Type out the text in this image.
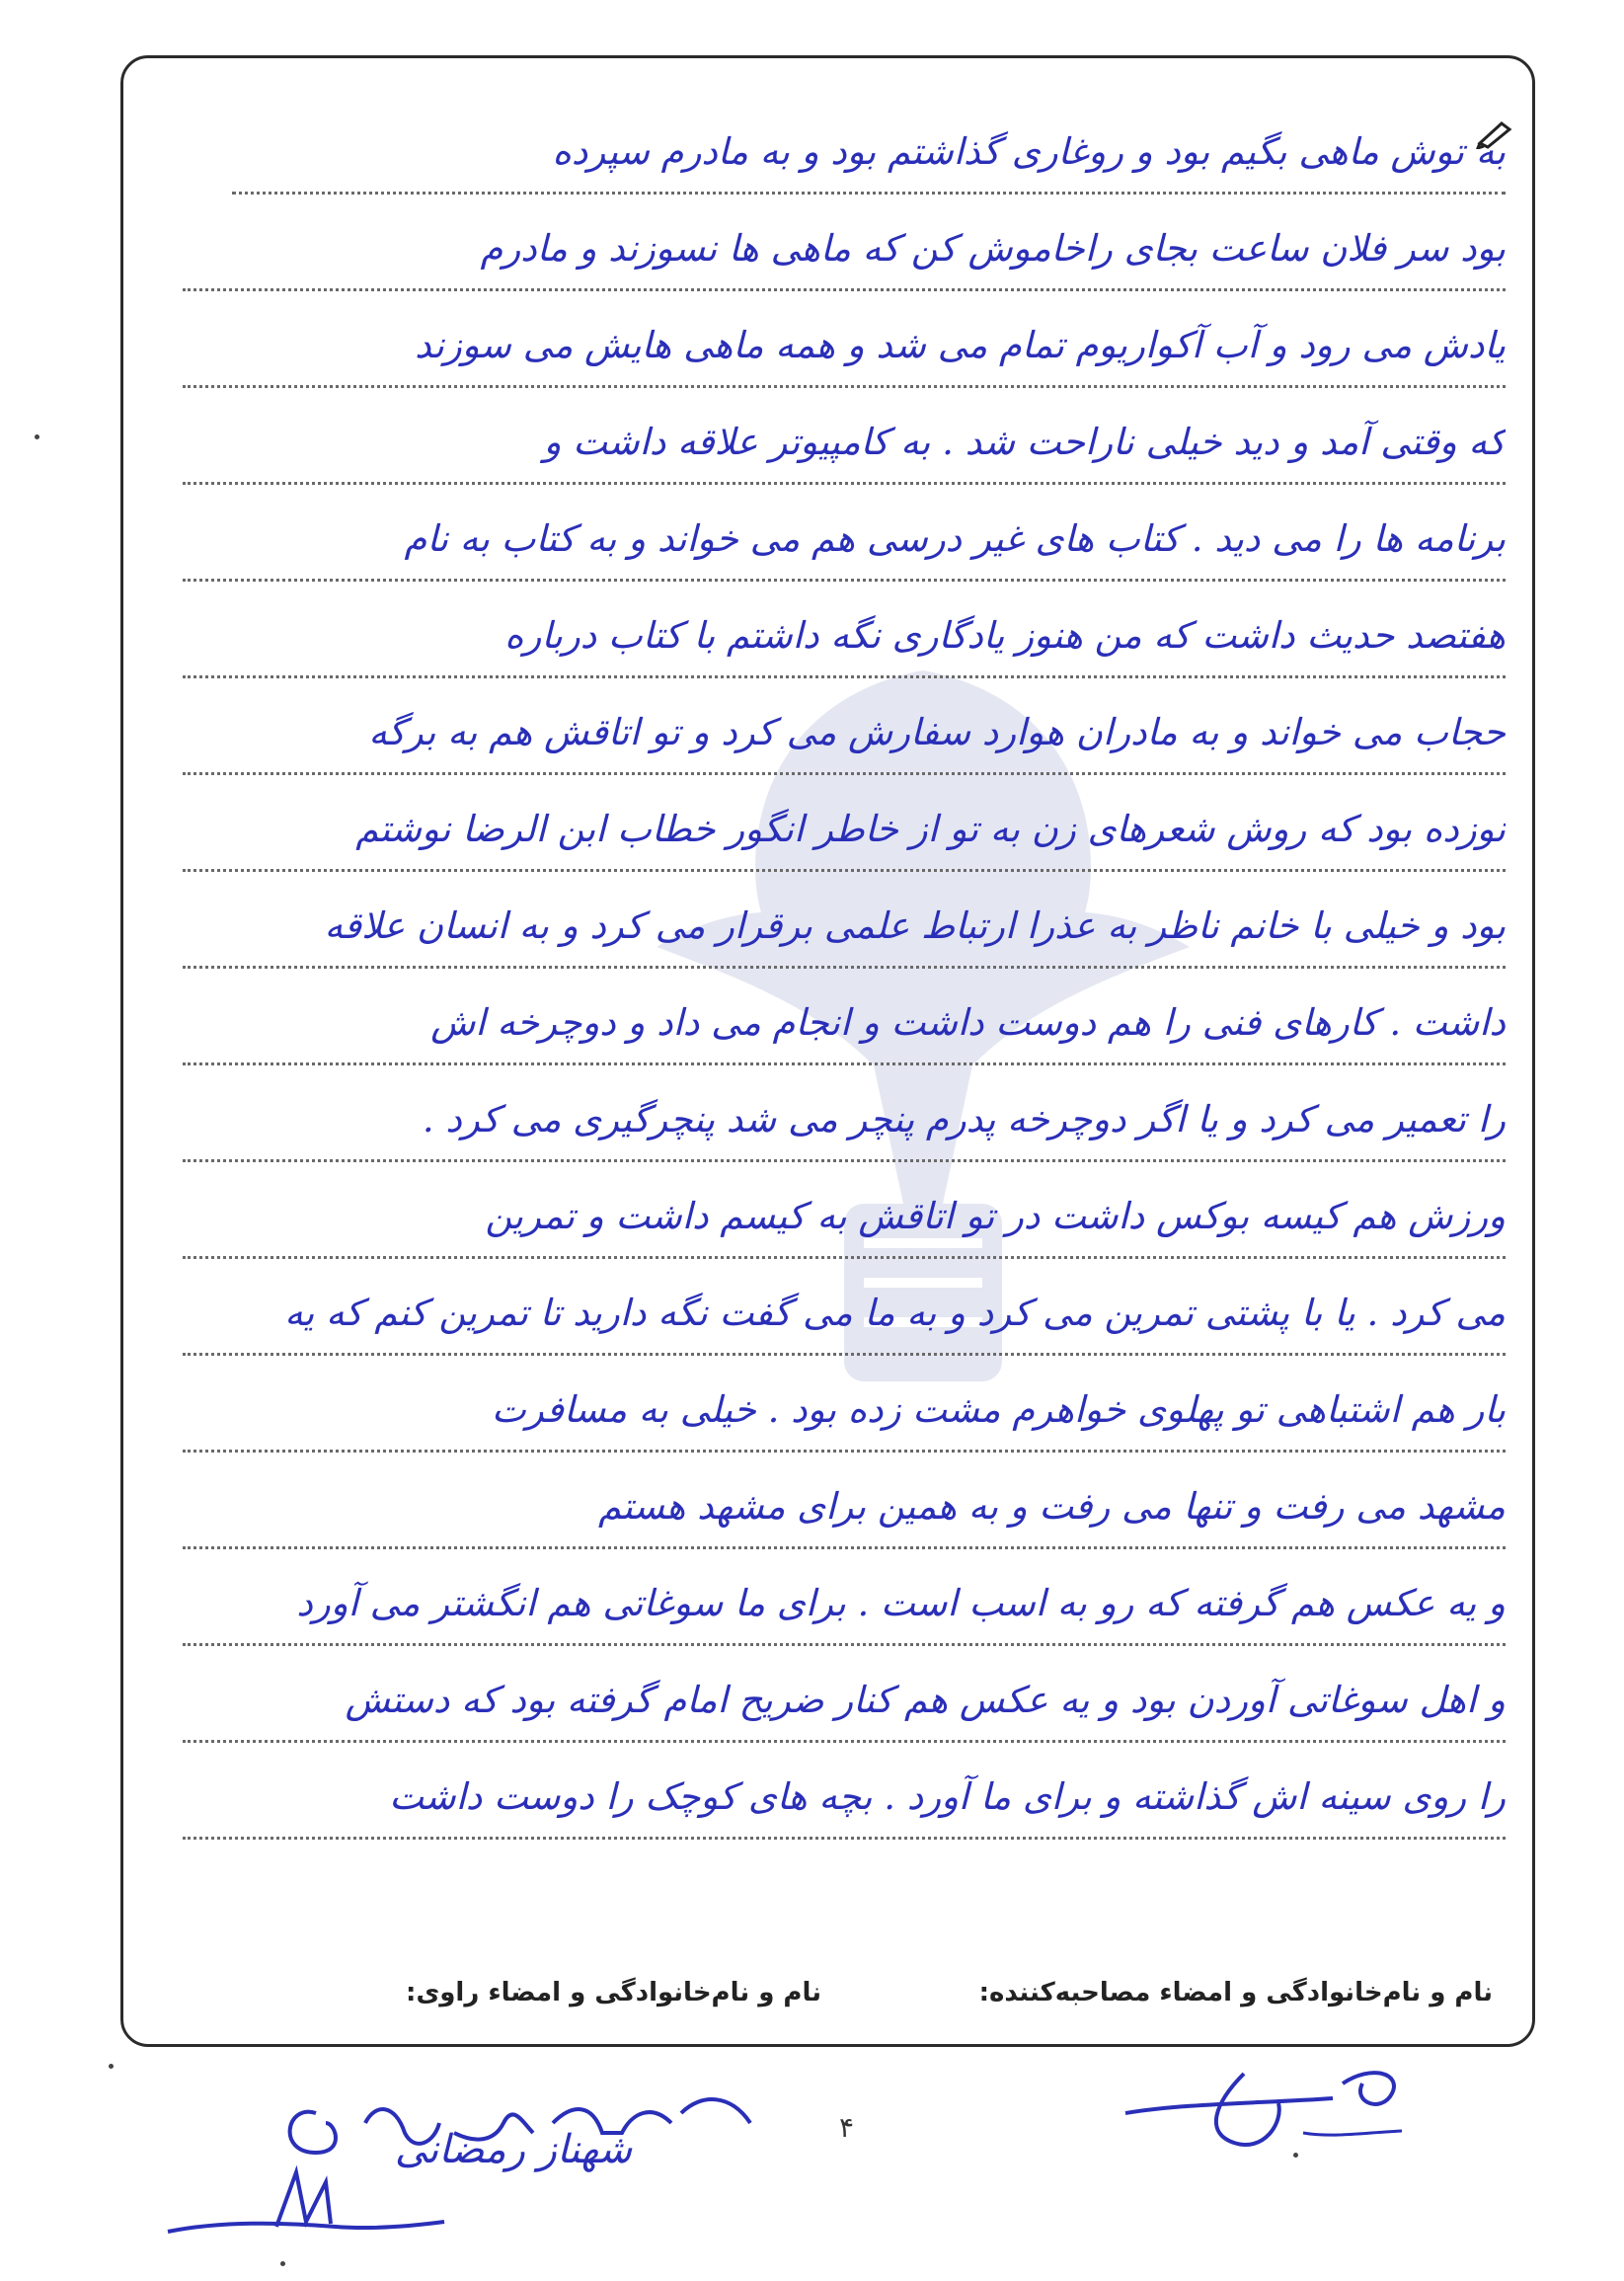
به توش ماهی بگیم بود و روغاری گذاشتم بود و به مادرم سپرده
بود سر فلان ساعت بجای راخاموش کن که ماهی ها نسوزند و مادرم
یادش می رود و آب آکواریوم تمام می شد و همه ماهی هایش می سوزند
که وقتی آمد و دید خیلی ناراحت شد . به کامپیوتر علاقه داشت و
برنامه ها را می دید . کتاب های غیر درسی هم می خواند و به کتاب به نام
هفتصد حدیث داشت که من هنوز یادگاری نگه داشتم با کتاب درباره
حجاب می خواند و به مادران هوارد سفارش می کرد و تو اتاقش هم به برگه
نوزده بود که روش شعرهای زن به تو از خاطر انگور خطاب ابن الرضا نوشتم
بود و خیلی با خانم ناظر به عذرا ارتباط علمی برقرار می کرد و به انسان علاقه
داشت . کارهای فنی را هم دوست داشت و انجام می داد و دوچرخه اش
را تعمیر می کرد و یا اگر دوچرخه پدرم پنچر می شد پنچرگیری می کرد .
ورزش هم کیسه بوکس داشت در تو اتاقش به کیسم داشت و تمرین
می کرد . یا با پشتی تمرین می کرد و به ما می گفت نگه دارید تا تمرین کنم که یه
بار هم اشتباهی تو پهلوی خواهرم مشت زده بود . خیلی به مسافرت
مشهد می رفت و تنها می رفت و به همین برای مشهد هستم
و یه عکس هم گرفته که رو به اسب است . برای ما سوغاتی هم انگشتر می آورد
و اهل سوغاتی آوردن بود و یه عکس هم کنار ضریح امام گرفته بود که دستش
را روی سینه اش گذاشته و برای ما آورد . بچه های کوچک را دوست داشت
نام و نام‌خانوادگی و امضاء مصاحبه‌کننده:
نام و نام‌خانوادگی و امضاء راوی:
شهناز رمضانی	۴
